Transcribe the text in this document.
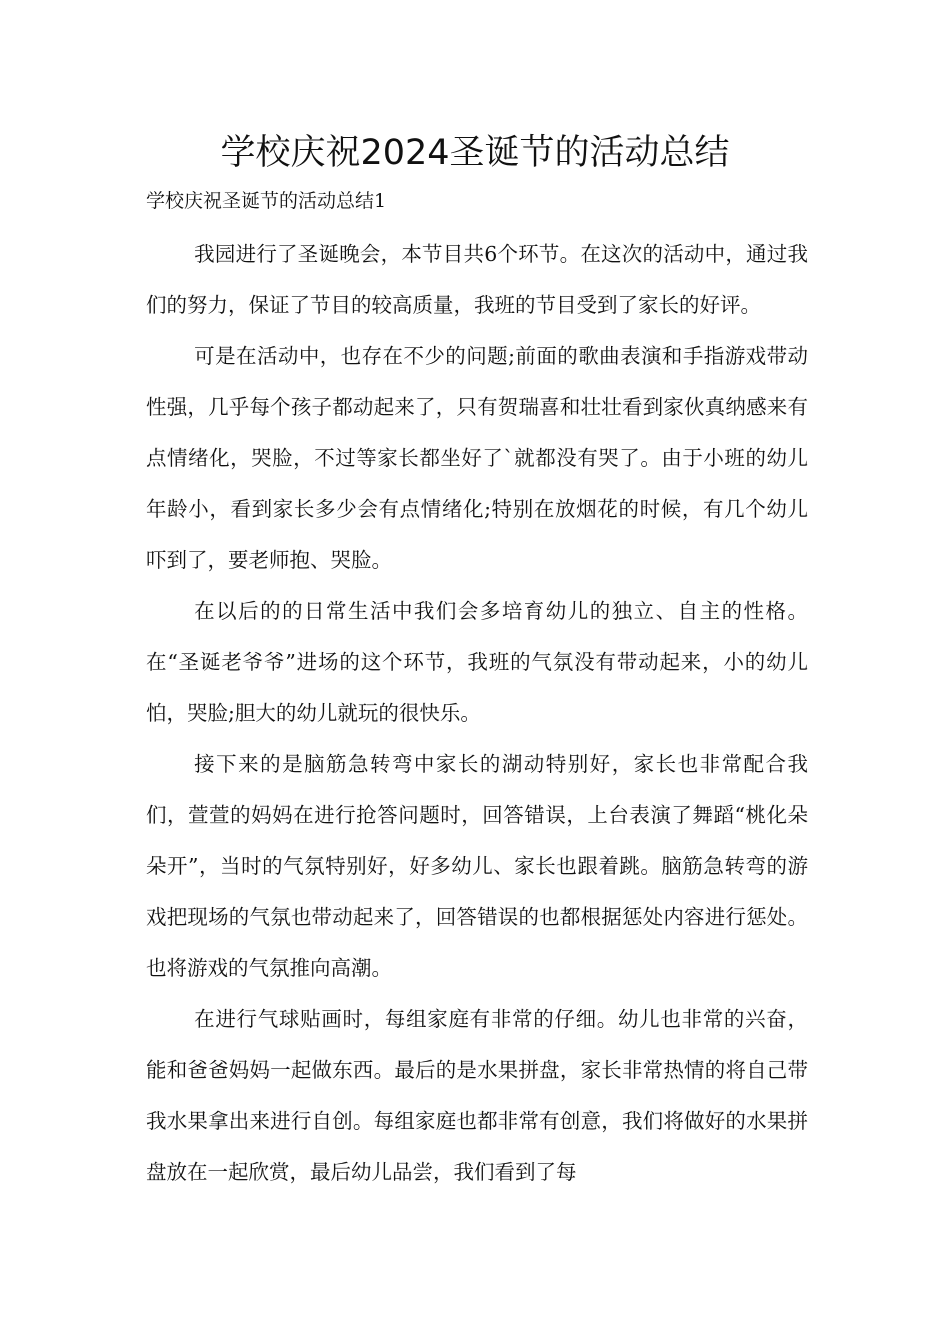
学校庆祝2024圣诞节的活动总结

学校庆祝圣诞节的活动总结1

我园进行了圣诞晚会，本节目共6个环节。在这次的活动中，通过我们的努力，保证了节目的较高质量，我班的节目受到了家长的好评。

可是在活动中，也存在不少的问题;前面的歌曲表演和手指游戏带动性强，几乎每个孩子都动起来了，只有贺瑞喜和壮壮看到家伙真纳感来有点情绪化，哭脸，不过等家长都坐好了`就都没有哭了。由于小班的幼儿年龄小，看到家长多少会有点情绪化;特别在放烟花的时候，有几个幼儿吓到了，要老师抱、哭脸。

在以后的的日常生活中我们会多培育幼儿的独立、自主的性格。在“圣诞老爷爷”进场的这个环节，我班的气氛没有带动起来，小的幼儿怕，哭脸;胆大的幼儿就玩的很快乐。

接下来的是脑筋急转弯中家长的湖动特别好，家长也非常配合我们，萱萱的妈妈在进行抢答问题时，回答错误，上台表演了舞蹈“桃化朵朵开”，当时的气氛特别好，好多幼儿、家长也跟着跳。脑筋急转弯的游戏把现场的气氛也带动起来了，回答错误的也都根据惩处内容进行惩处。也将游戏的气氛推向高潮。

在进行气球贴画时，每组家庭有非常的仔细。幼儿也非常的兴奋，能和爸爸妈妈一起做东西。最后的是水果拼盘，家长非常热情的将自己带我水果拿出来进行自创。每组家庭也都非常有创意，我们将做好的水果拼盘放在一起欣赏，最后幼儿品尝，我们看到了每
